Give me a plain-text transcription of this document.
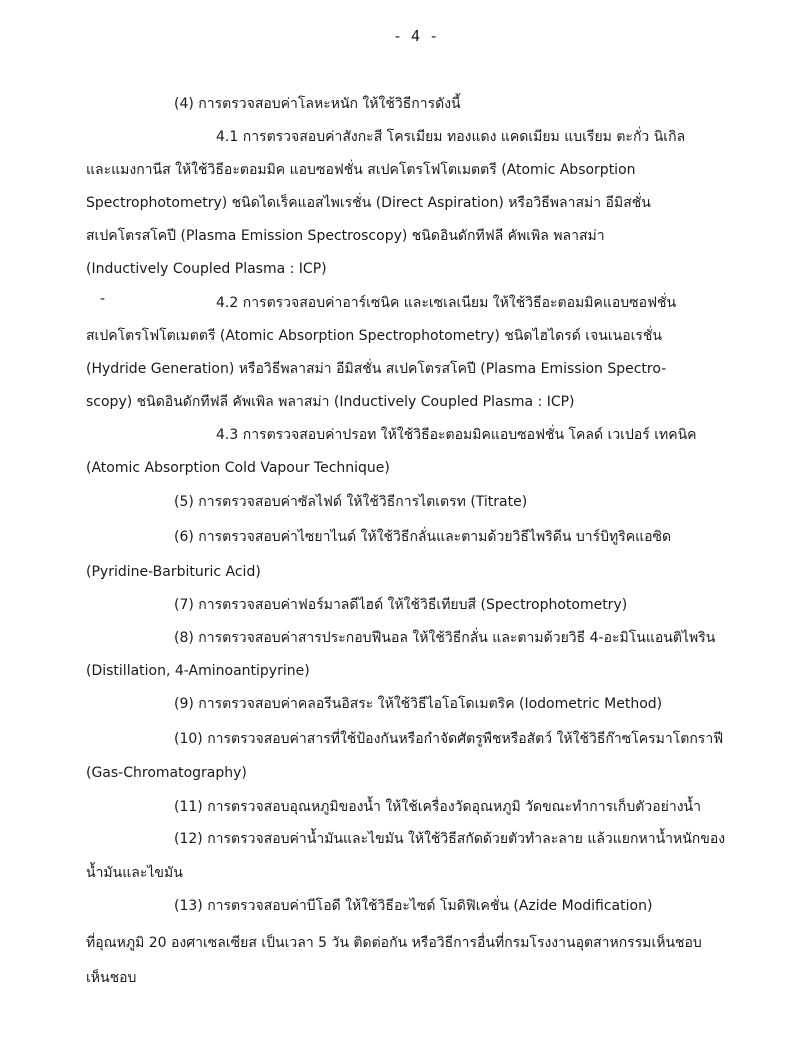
- 4 -
-
(4) การตรวจสอบค่าโลหะหนัก ให้ใช้วิธีการดังนี้
4.1 การตรวจสอบค่าสังกะสี โครเมียม ทองแดง แคดเมียม แบเรียม ตะกั่ว นิเกิล
และแมงกานีส ให้ใช้วิธีอะตอมมิค แอบซอฟชั่น สเปคโตรโฟโตเมตตรี (Atomic Absorption
Spectrophotometry) ชนิดไดเร็คแอสไพเรชั่น (Direct Aspiration) หรือวิธีพลาสม่า อีมิสชั่น
สเปคโตรสโคปี (Plasma Emission Spectroscopy) ชนิดอินดักทีฟลี คัพเพิล พลาสม่า
(Inductively Coupled Plasma : ICP)
4.2 การตรวจสอบค่าอาร์เซนิค และเซเลเนียม ให้ใช้วิธีอะตอมมิคแอบซอฟชั่น
สเปคโตรโฟโตเมตตรี (Atomic Absorption Spectrophotometry) ชนิดไฮไดรด์ เจนเนอเรชั่น
(Hydride Generation) หรือวิธีพลาสม่า อีมิสชั่น สเปคโตรสโคปี (Plasma Emission Spectro-
scopy) ชนิดอินดักทีฟลี คัพเพิล พลาสม่า (Inductively Coupled Plasma : ICP)
4.3 การตรวจสอบค่าปรอท ให้ใช้วิธีอะตอมมิคแอบซอฟชั่น โคลด์ เวเปอร์ เทคนิค
(Atomic Absorption Cold Vapour Technique)
(5) การตรวจสอบค่าซัลไฟด์ ให้ใช้วิธีการไตเตรท (Titrate)
(6) การตรวจสอบค่าไซยาไนด์ ให้ใช้วิธีกลั่นและตามด้วยวิธีไพริดีน บาร์บิทูริคแอซิด
(Pyridine-Barbituric Acid)
(7) การตรวจสอบค่าฟอร์มาลดีไฮด์ ให้ใช้วิธีเทียบสี (Spectrophotometry)
(8) การตรวจสอบค่าสารประกอบฟีนอล ให้ใช้วิธีกลั่น และตามด้วยวิธี 4-อะมิโนแอนติไพริน
(Distillation, 4-Aminoantipyrine)
(9) การตรวจสอบค่าคลอรีนอิสระ ให้ใช้วิธีไอโอโดเมตริค (Iodometric Method)
(10) การตรวจสอบค่าสารที่ใช้ป้องกันหรือกำจัดศัตรูพืชหรือสัตว์ ให้ใช้วิธีก๊าซโครมาโตกราฟี
(Gas-Chromatography)
(11) การตรวจสอบอุณหภูมิของน้ำ ให้ใช้เครื่องวัดอุณหภูมิ วัดขณะทำการเก็บตัวอย่างน้ำ
(12) การตรวจสอบค่าน้ำมันและไขมัน ให้ใช้วิธีสกัดด้วยตัวทำละลาย แล้วแยกหาน้ำหนักของ
น้ำมันและไขมัน
(13) การตรวจสอบค่าบีโอดี ให้ใช้วิธีอะไซด์ โมดิฟิเคชั่น (Azide Modification)
ที่อุณหภูมิ 20 องศาเซลเซียส เป็นเวลา 5 วัน ติดต่อกัน หรือวิธีการอื่นที่กรมโรงงานอุตสาหกรรมเห็นชอบ
เห็นชอบ
